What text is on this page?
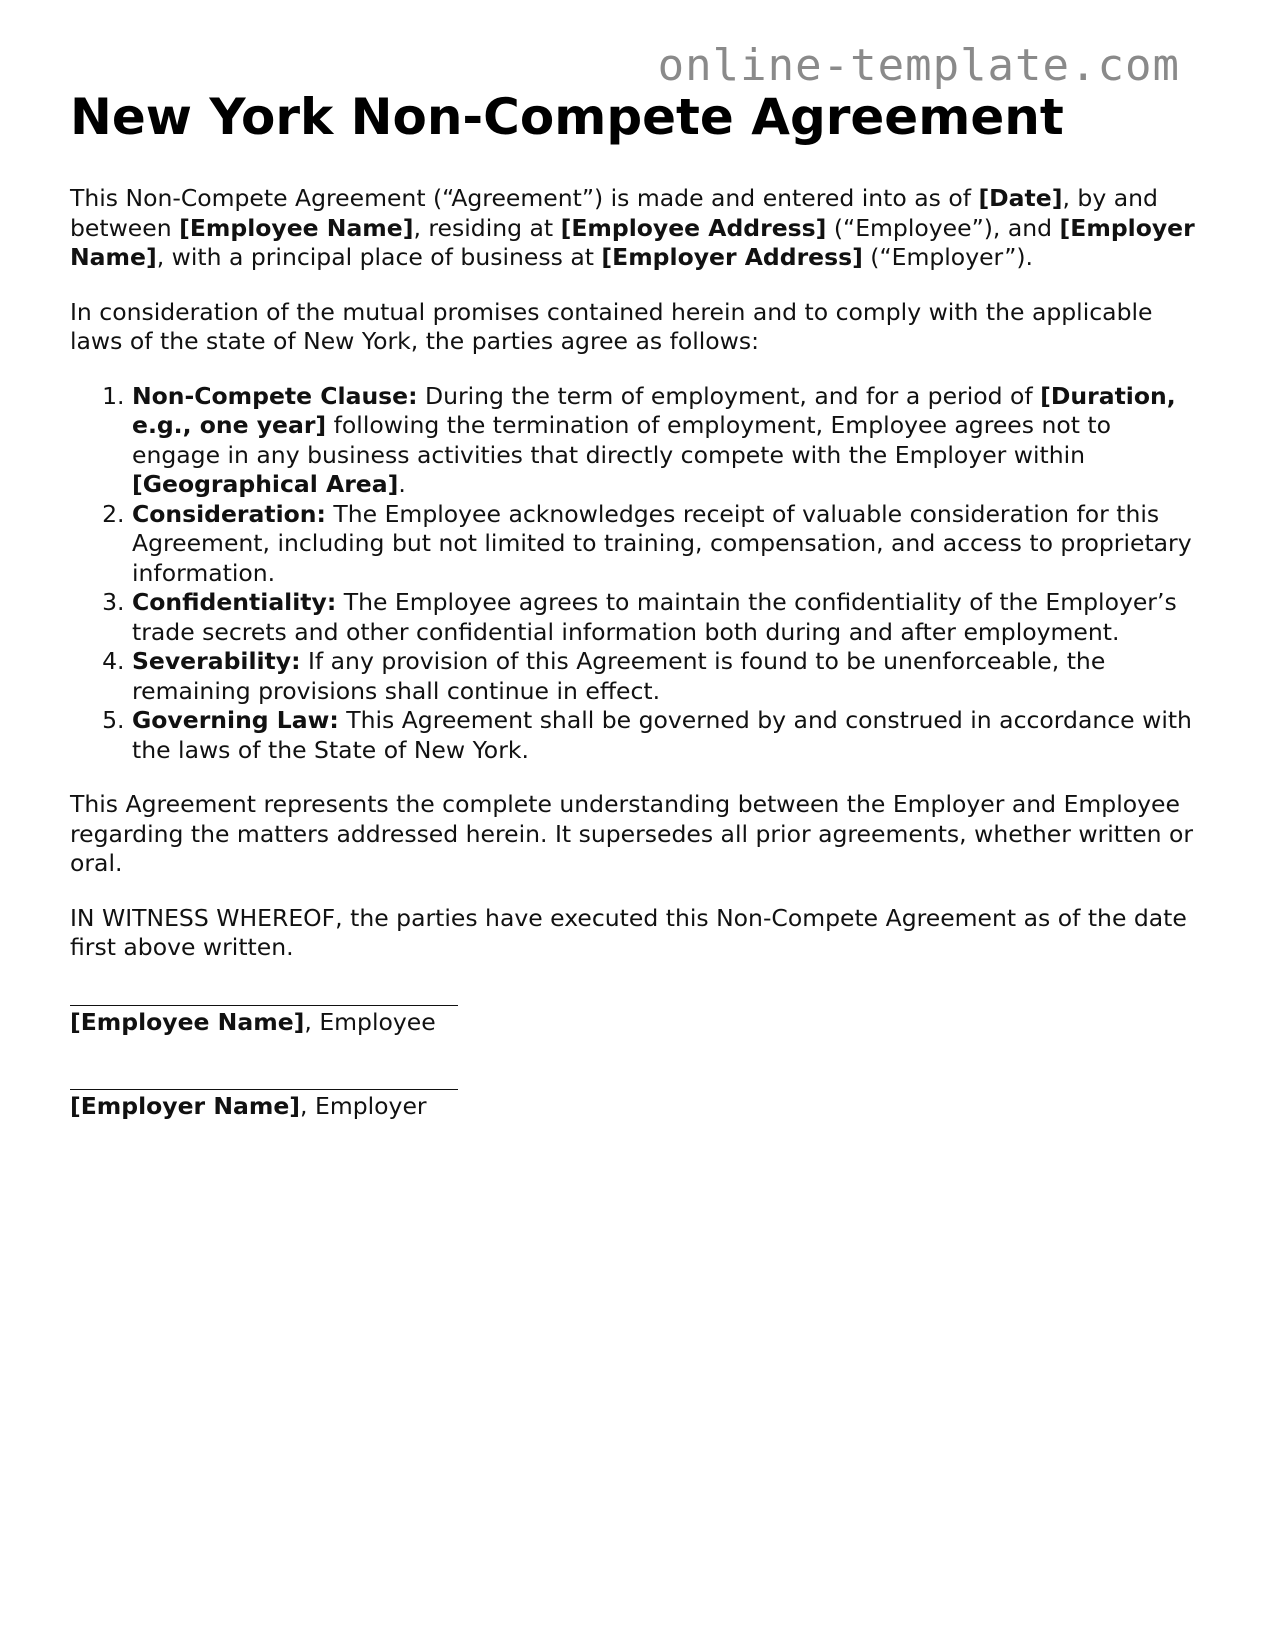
online-template.com
New York Non-Compete Agreement

This Non-Compete Agreement (“Agreement”) is made and entered into as of [Date], by and between [Employee Name], residing at [Employee Address] (“Employee”), and [Employer Name], with a principal place of business at [Employer Address] (“Employer”).

In consideration of the mutual promises contained herein and to comply with the applicable laws of the state of New York, the parties agree as follows:

1. Non-Compete Clause: During the term of employment, and for a period of [Duration, e.g., one year] following the termination of employment, Employee agrees not to engage in any business activities that directly compete with the Employer within [Geographical Area].
2. Consideration: The Employee acknowledges receipt of valuable consideration for this Agreement, including but not limited to training, compensation, and access to proprietary information.
3. Confidentiality: The Employee agrees to maintain the confidentiality of the Employer’s trade secrets and other confidential information both during and after employment.
4. Severability: If any provision of this Agreement is found to be unenforceable, the remaining provisions shall continue in effect.
5. Governing Law: This Agreement shall be governed by and construed in accordance with the laws of the State of New York.

This Agreement represents the complete understanding between the Employer and Employee regarding the matters addressed herein. It supersedes all prior agreements, whether written or oral.

IN WITNESS WHEREOF, the parties have executed this Non-Compete Agreement as of the date first above written.

[Employee Name], Employee
[Employer Name], Employer
